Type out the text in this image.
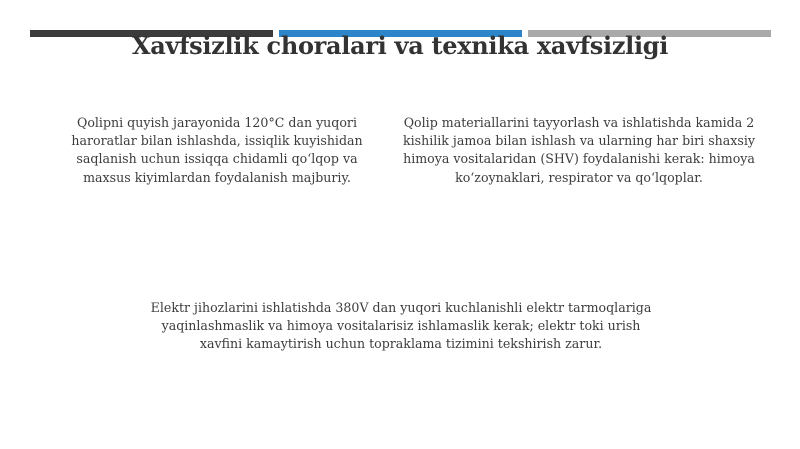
Xavfsizlik choralari va texnika xavfsizligi
Qolipni quyish jarayonida 120°C dan yuqori haroratlar bilan ishlashda, issiqlik kuyishidan saqlanish uchun issiqqa chidamli qoʻlqop va maxsus kiyimlardan foydalanish majburiy.
Qolip materiallarini tayyorlash va ishlatishda kamida 2 kishilik jamoa bilan ishlash va ularning har biri shaxsiy himoya vositalaridan (SHV) foydalanishi kerak: himoya koʻzoynaklari, respirator va qoʻlqoplar.
Elektr jihozlarini ishlatishda 380V dan yuqori kuchlanishli elektr tarmoqlariga yaqinlashmaslik va himoya vositalarisiz ishlamaslik kerak; elektr toki urish xavfini kamaytirish uchun topraklama tizimini tekshirish zarur.
